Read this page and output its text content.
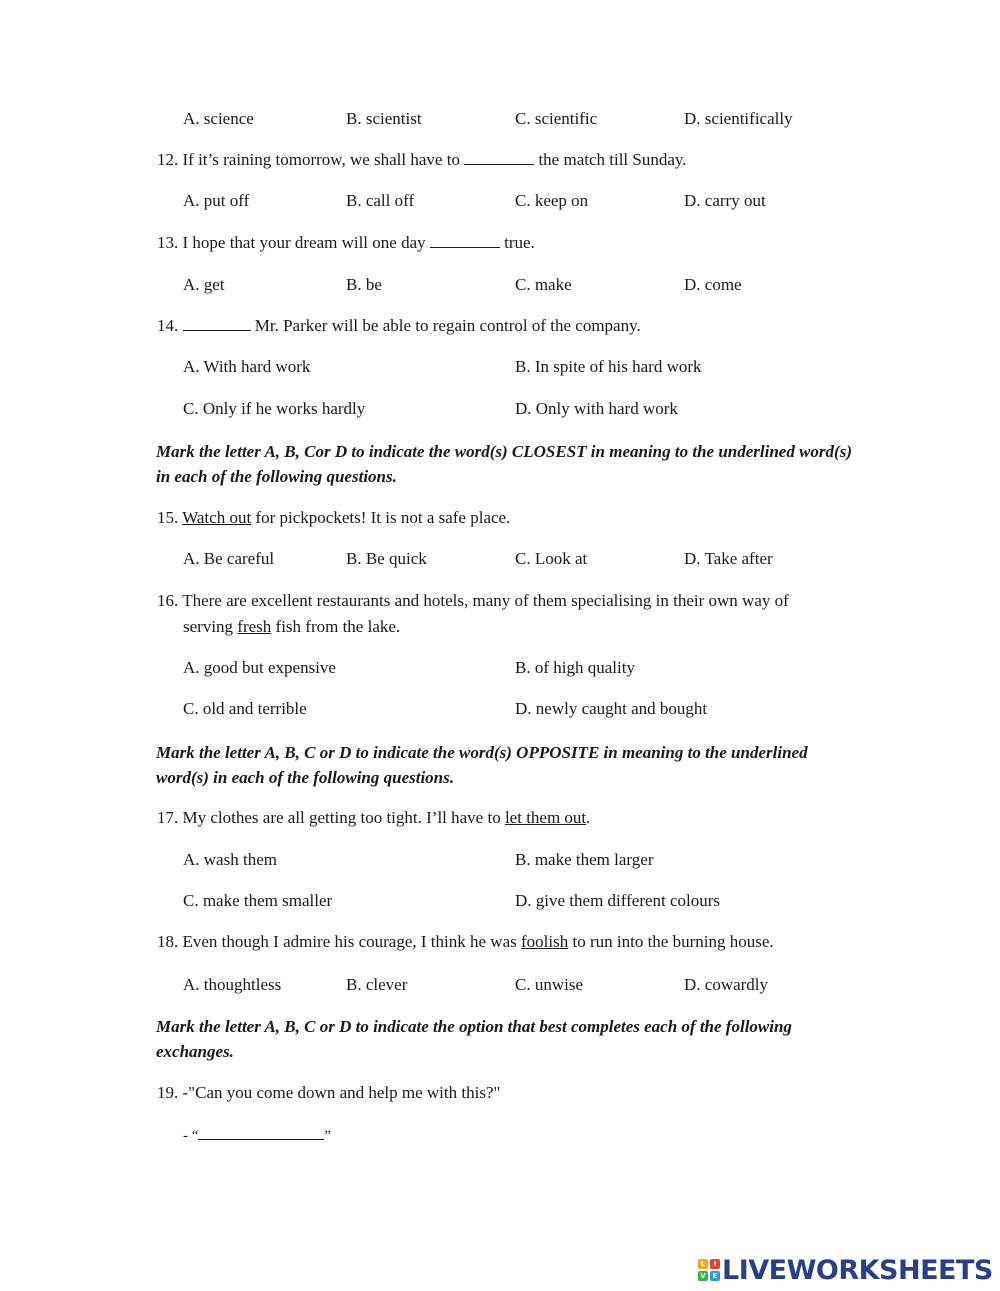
A. science	B. scientist	C. scientific	D. scientifically
12. If it’s raining tomorrow, we shall have to	the match till Sunday.
A. put off	B. call off	C. keep on	D. carry out
13. I hope that your dream will one day	true.
A. get	B. be	C. make	D. come
14.	Mr. Parker will be able to regain control of the company.
A. With hard work	B. In spite of his hard work
C. Only if he works hardly	D. Only with hard work
Mark the letter A, B, Cor D to indicate the word(s) CLOSEST in meaning to the underlined word(s) in each of the following questions.
15. Watch out for pickpockets! It is not a safe place.
A. Be careful	B. Be quick	C. Look at	D. Take after
16. There are excellent restaurants and hotels, many of them specialising in their own way of
serving fresh fish from the lake.
A. good but expensive	B. of high quality
C. old and terrible	D. newly caught and bought
Mark the letter A, B, C or D to indicate the word(s) OPPOSITE in meaning to the underlined word(s) in each of the following questions.
17. My clothes are all getting too tight. I’ll have to let them out.
A. wash them	B. make them larger
C. make them smaller	D. give them different colours
18. Even though I admire his courage, I think he was foolish to run into the burning house.
A. thoughtless	B. clever	C. unwise	D. cowardly
Mark the letter A, B, C or D to indicate the option that best completes each of the following exchanges.
19. -"Can you come down and help me with this?"
- “	”
L	I
V E LIVEWORKSHEETS
